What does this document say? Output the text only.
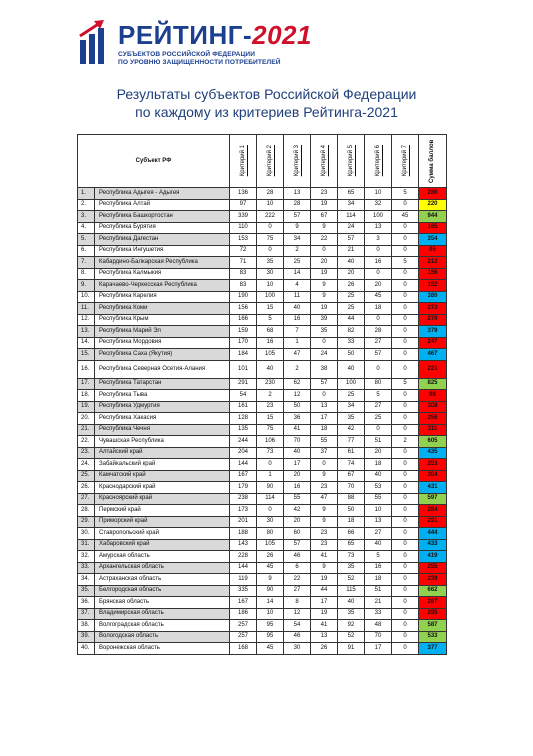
РЕЙТИНГ-2021
СУБЪЕКТОВ РОССИЙСКОЙ ФЕДЕРАЦИИ
ПО УРОВНЮ ЗАЩИЩЕННОСТИ ПОТРЕБИТЕЛЕЙ
Результаты субъектов Российской Федерации
по каждому из критериев Рейтинга-2021
Субъект РФ		Критерий 1	Критерий 2	Критерий 3	Критерий 4	Критерий 5	Критерий 6	Критерий 7	Сумма баллов

1.	Республика Адыгея - Адыгея	136	28	13	23	65	10	5	280
2.	Республика Алтай	97	10	28	19	34	32	0	220
3.	Республика Башкортостан	339	222	57	67	114	100	45	944
4.	Республика Бурятия	110	0	9	9	24	13	0	165
5.	Республика Дагестан	153	75	34	22	57	3	0	354
6.	Республика Ингушетия	72	0	2	0	21	0	0	95
7.	Кабардино-Балкарская Республика	71	35	25	20	40	16	5	212
8.	Республика Калмыкия	83	30	14	19	20	0	0	166
9.	Карачаево-Черкесская Республика	83	10	4	9	26	20	0	152
10.	Республика Карелия	190	100	11	9	25	45	0	380
11.	Республика Коми	156	15	40	19	25	18	0	273
12.	Республика Крым	166	5	16	39	44	0	0	270
13.	Республика Марий Эл	159	68	7	35	82	28	0	379
14.	Республика Мордовия	170	16	1	0	33	27	0	247
15.	Республика Саха (Якутия)	184	105	47	24	50	57	0	467
16.	Республика Северная Осетия-Алания	101	40	2	38	40	0	0	221
17.	Республика Татарстан	291	230	62	57	100	80	5	825
18.	Республика Тыва	54	2	12	0	25	5	0	98
19.	Республика Удмуртия	161	23	50	13	34	27	0	308
20.	Республика Хакасия	128	15	36	17	35	25	0	256
21.	Республика Чечня	135	75	41	18	42	0	0	311
22.	Чувашская Республика	244	106	70	55	77	51	2	605
23.	Алтайский край	204	73	40	37	61	20	0	435
24.	Забайкальский край	144	0	17	0	74	18	0	253
25.	Камчатский край	167	1	20	9	67	40	0	304
26.	Краснодарский край	179	90	16	23	70	53	0	431
27.	Красноярский край	238	114	55	47	88	55	0	597
28.	Пермский край	173	0	42	9	50	10	0	284
29.	Приморский край	201	30	20	9	18	13	0	291
30.	Ставропольский край	188	80	60	23	66	27	0	444
31.	Хабаровский край	143	105	57	23	65	40	0	433
32.	Амурская область	228	26	46	41	73	5	0	419
33.	Архангельская область	144	45	6	9	35	16	0	255
34.	Астраханская область	119	9	22	19	52	18	0	239
35.	Белгородская область	335	90	27	44	115	51	0	662
36.	Брянская область	167	14	8	17	40	21	0	267
37.	Владимирская область	186	10	12	19	35	33	0	295
38.	Волгоградская область	257	95	54	41	92	48	0	587
39.	Вологодская область	257	95	46	13	52	70	0	533
40.	Воронежская область	168	45	30	26	91	17	0	377
